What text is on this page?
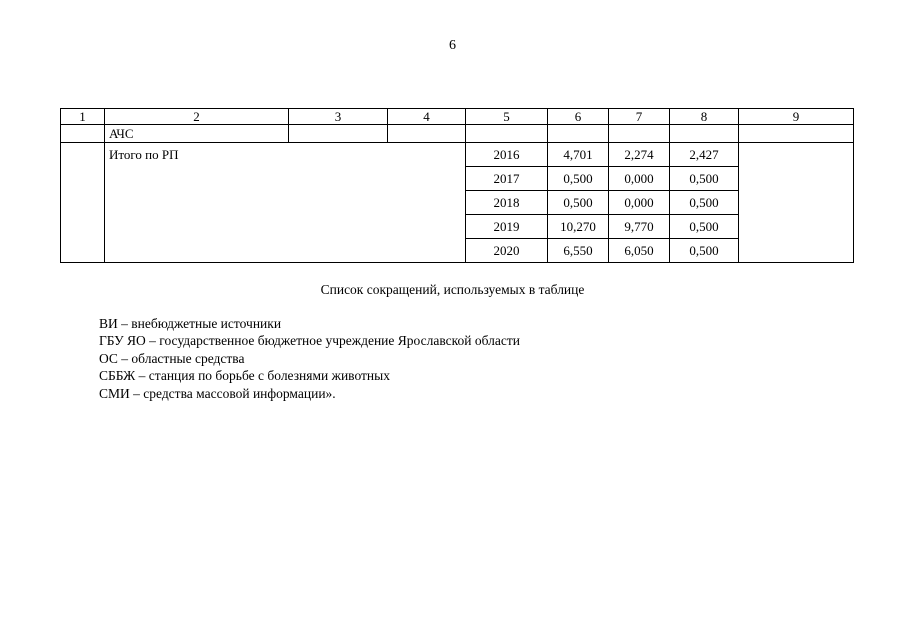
6
1	2	3	4	5	6	7	8	9
	АЧС							
	Итого по РП			2016	4,701	2,274	2,427	
				2017	0,500	0,000	0,500	
				2018	0,500	0,000	0,500	
				2019	10,270	9,770	0,500	
				2020	6,550	6,050	0,500	
Список сокращений, используемых в таблице
ВИ – внебюджетные источники
ГБУ ЯО – государственное бюджетное учреждение Ярославской области
ОС – областные средства
СББЖ – станция по борьбе с болезнями животных
СМИ – средства массовой информации».
